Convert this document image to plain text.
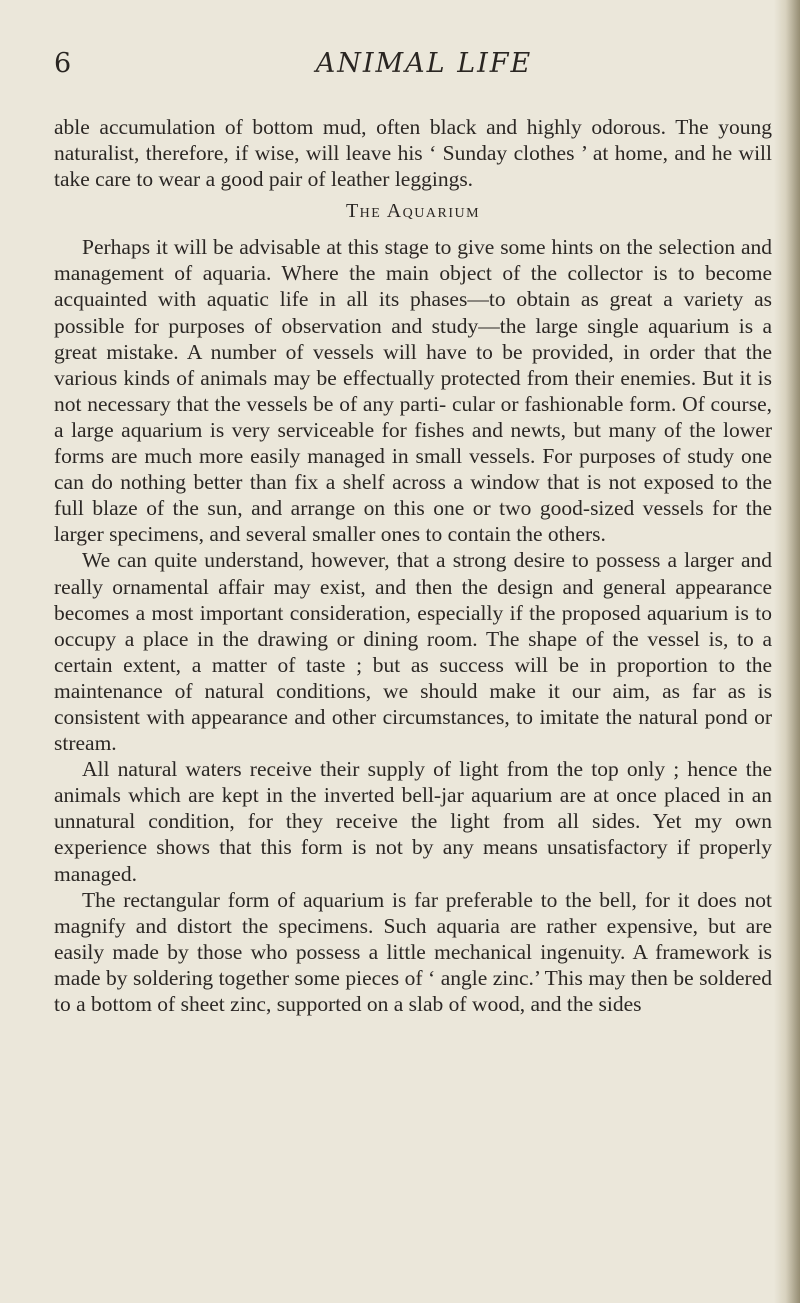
6	ANIMAL LIFE

able accumulation of bottom mud, often black and highly odorous. The young naturalist, therefore, if wise, will leave his ‘ Sunday clothes ’ at home, and he will take care to wear a good pair of leather leggings.

The Aquarium

Perhaps it will be advisable at this stage to give some hints on the selection and management of aquaria. Where the main object of the collector is to become acquainted with aquatic life in all its phases—to obtain as great a variety as possible for purposes of observation and study—the large single aquarium is a great mistake. A number of vessels will have to be provided, in order that the various kinds of animals may be effectually protected from their enemies. But it is not necessary that the vessels be of any parti- cular or fashionable form. Of course, a large aquarium is very serviceable for fishes and newts, but many of the lower forms are much more easily managed in small vessels. For purposes of study one can do nothing better than fix a shelf across a window that is not exposed to the full blaze of the sun, and arrange on this one or two good-sized vessels for the larger specimens, and several smaller ones to contain the others.

We can quite understand, however, that a strong desire to possess a larger and really ornamental affair may exist, and then the design and general appearance becomes a most important consideration, especially if the proposed aquarium is to occupy a place in the drawing or dining room. The shape of the vessel is, to a certain extent, a matter of taste ; but as success will be in proportion to the maintenance of natural conditions, we should make it our aim, as far as is consistent with appearance and other circumstances, to imitate the natural pond or stream.

All natural waters receive their supply of light from the top only ; hence the animals which are kept in the inverted bell-jar aquarium are at once placed in an unnatural condition, for they receive the light from all sides. Yet my own experience shows that this form is not by any means unsatisfactory if properly managed.

The rectangular form of aquarium is far preferable to the bell, for it does not magnify and distort the specimens. Such aquaria are rather expensive, but are easily made by those who possess a little mechanical ingenuity. A framework is made by soldering together some pieces of ‘ angle zinc.’ This may then be soldered to a bottom of sheet zinc, supported on a slab of wood, and the sides
